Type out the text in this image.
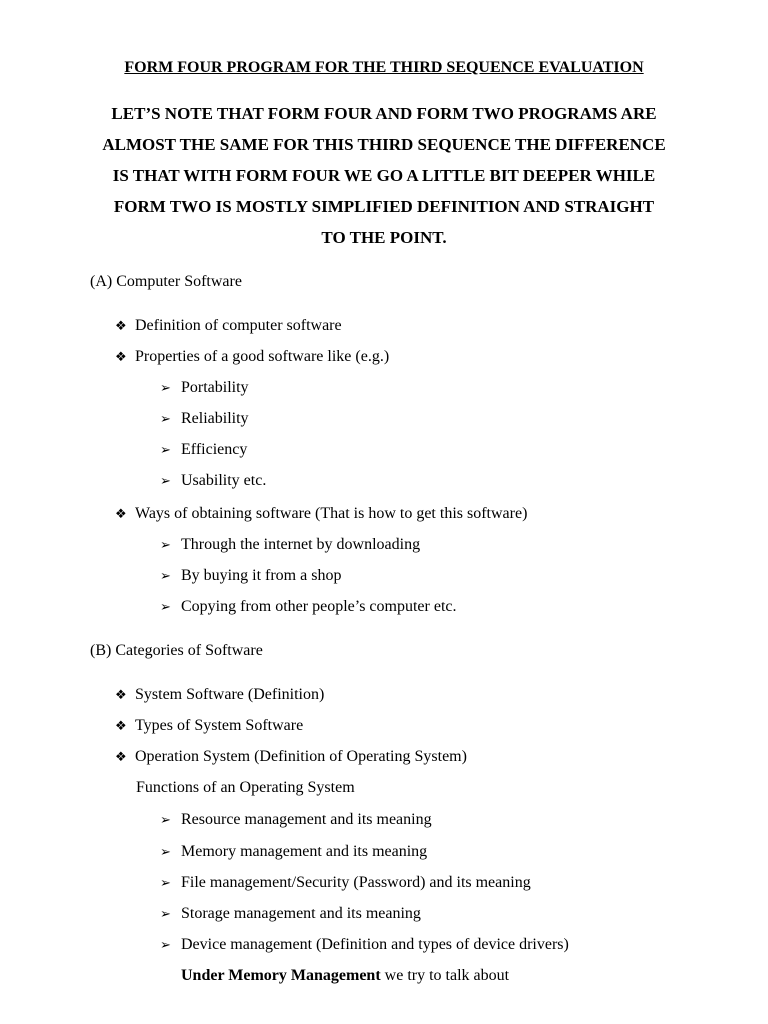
FORM FOUR PROGRAM FOR THE THIRD SEQUENCE EVALUATION
LET’S NOTE THAT FORM FOUR AND FORM TWO PROGRAMS ARE
ALMOST THE SAME FOR THIS THIRD SEQUENCE THE DIFFERENCE
IS THAT WITH FORM FOUR WE GO A LITTLE BIT DEEPER WHILE
FORM TWO IS MOSTLY SIMPLIFIED DEFINITION AND STRAIGHT
TO THE POINT.
(A) Computer Software
❖ Definition of computer software
❖ Properties of a good software like (e.g.)
➢ Portability
➢ Reliability
➢ Efficiency
➢ Usability etc.
❖ Ways of obtaining software (That is how to get this software)
➢ Through the internet by downloading
➢ By buying it from a shop
➢ Copying from other people’s computer etc.
(B) Categories of Software
❖ System Software (Definition)
❖ Types of System Software
❖ Operation System (Definition of Operating System)
Functions of an Operating System
➢ Resource management and its meaning
➢ Memory management and its meaning
➢ File management/Security (Password) and its meaning
➢ Storage management and its meaning
➢ Device management (Definition and types of device drivers)
Under Memory Management we try to talk about
